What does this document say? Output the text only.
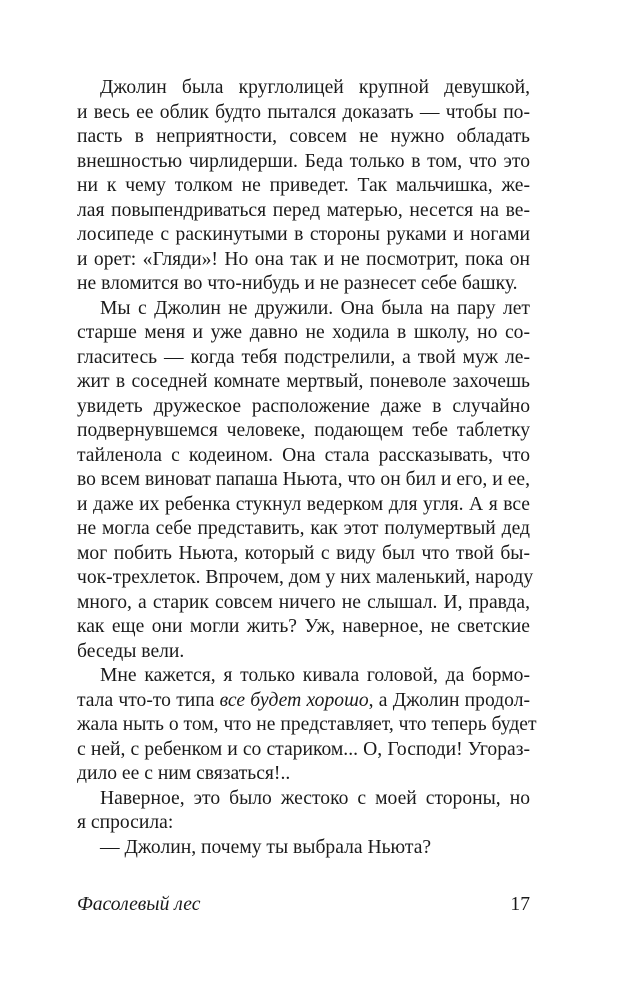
Джолин была круглолицей крупной девушкой,
и весь ее облик будто пытался доказать — чтобы по-
пасть в неприятности, совсем не нужно обладать
внешностью чирлидерши. Беда только в том, что это
ни к чему толком не приведет. Так мальчишка, же-
лая повыпендриваться перед матерью, несется на ве-
лосипеде с раскинутыми в стороны руками и ногами
и орет: «Гляди»! Но она так и не посмотрит, пока он
не вломится во что-нибудь и не разнесет себе башку.
Мы с Джолин не дружили. Она была на пару лет
старше меня и уже давно не ходила в школу, но со-
гласитесь — когда тебя подстрелили, а твой муж ле-
жит в соседней комнате мертвый, поневоле захочешь
увидеть дружеское расположение даже в случайно
подвернувшемся человеке, подающем тебе таблетку
тайленола с кодеином. Она стала рассказывать, что
во всем виноват папаша Ньюта, что он бил и его, и ее,
и даже их ребенка стукнул ведерком для угля. А я все
не могла себе представить, как этот полумертвый дед
мог побить Ньюта, который с виду был что твой бы-
чок-трехлеток. Впрочем, дом у них маленький, народу
много, а старик совсем ничего не слышал. И, правда,
как еще они могли жить? Уж, наверное, не светские
беседы вели.
Мне кажется, я только кивала головой, да бормо-
тала что-то типа все будет хорошо, а Джолин продол-
жала ныть о том, что не представляет, что теперь будет
с ней, с ребенком и со стариком... О, Господи! Угораз-
дило ее с ним связаться!..
Наверное, это было жестоко с моей стороны, но
я спросила:
— Джолин, почему ты выбрала Ньюта?
Фасолевый лес	17
